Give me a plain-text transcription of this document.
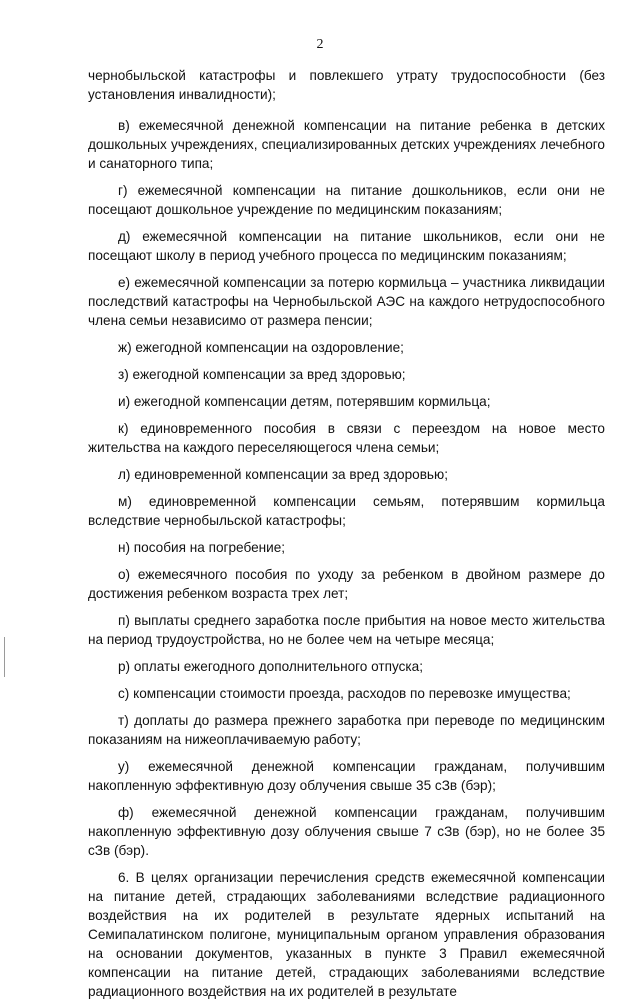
2

чернобыльской катастрофы и повлекшего утрату трудоспособности (без установления инвалидности);

в) ежемесячной денежной компенсации на питание ребенка в детских дошкольных учреждениях, специализированных детских учреждениях лечебного и санаторного типа;

г) ежемесячной компенсации на питание дошкольников, если они не посещают дошкольное учреждение по медицинским показаниям;

д) ежемесячной компенсации на питание школьников, если они не посещают школу в период учебного процесса по медицинским показаниям;

е) ежемесячной компенсации за потерю кормильца – участника ликвидации последствий катастрофы на Чернобыльской АЭС на каждого нетрудоспособного члена семьи независимо от размера пенсии;

ж) ежегодной компенсации на оздоровление;

з) ежегодной компенсации за вред здоровью;

и) ежегодной компенсации детям, потерявшим кормильца;

к) единовременного пособия в связи с переездом на новое место жительства на каждого переселяющегося члена семьи;

л) единовременной компенсации за вред здоровью;

м) единовременной компенсации семьям, потерявшим кормильца вследствие чернобыльской катастрофы;

н) пособия на погребение;

о) ежемесячного пособия по уходу за ребенком в двойном размере до достижения ребенком возраста трех лет;

п) выплаты среднего заработка после прибытия на новое место жительства на период трудоустройства, но не более чем на четыре месяца;

р) оплаты ежегодного дополнительного отпуска;

с) компенсации стоимости проезда, расходов по перевозке имущества;

т) доплаты до размера прежнего заработка при переводе по медицинским показаниям на нижеоплачиваемую работу;

у) ежемесячной денежной компенсации гражданам, получившим накопленную эффективную дозу облучения свыше 35 сЗв (бэр);

ф) ежемесячной денежной компенсации гражданам, получившим накопленную эффективную дозу облучения свыше 7 сЗв (бэр), но не более 35 сЗв (бэр).

6. В целях организации перечисления средств ежемесячной компенсации на питание детей, страдающих заболеваниями вследствие радиационного воздействия на их родителей в результате ядерных испытаний на Семипалатинском полигоне, муниципальным органом управления образования на основании документов, указанных в пункте 3 Правил ежемесячной компенсации на питание детей, страдающих заболеваниями вследствие радиационного воздействия на их родителей в результате
